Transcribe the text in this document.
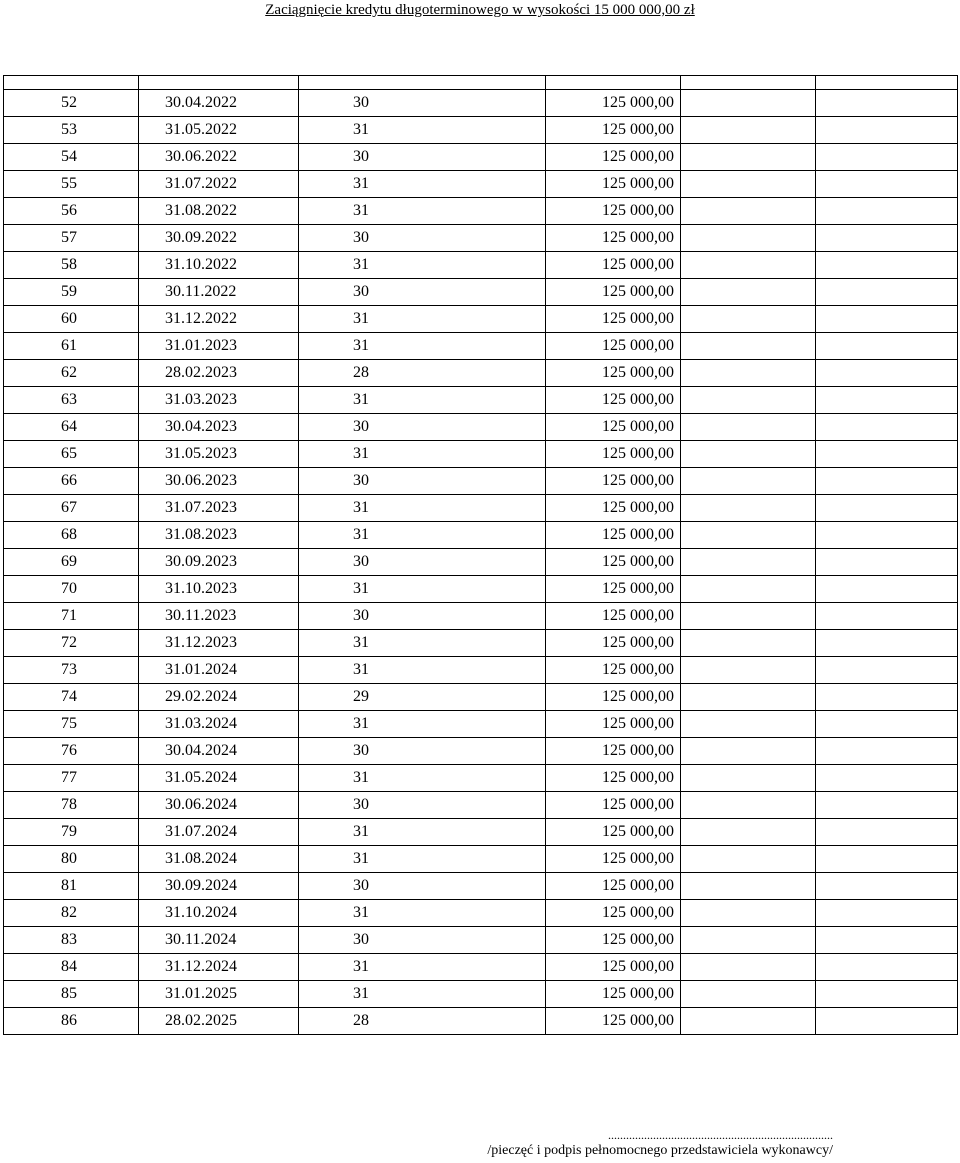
Zaciągnięcie kredytu długoterminowego w wysokości 15 000 000,00 zł

52	30.04.2022	30	125 000,00		
53	31.05.2022	31	125 000,00		
54	30.06.2022	30	125 000,00		
55	31.07.2022	31	125 000,00		
56	31.08.2022	31	125 000,00		
57	30.09.2022	30	125 000,00		
58	31.10.2022	31	125 000,00		
59	30.11.2022	30	125 000,00		
60	31.12.2022	31	125 000,00		
61	31.01.2023	31	125 000,00		
62	28.02.2023	28	125 000,00		
63	31.03.2023	31	125 000,00		
64	30.04.2023	30	125 000,00		
65	31.05.2023	31	125 000,00		
66	30.06.2023	30	125 000,00		
67	31.07.2023	31	125 000,00		
68	31.08.2023	31	125 000,00		
69	30.09.2023	30	125 000,00		
70	31.10.2023	31	125 000,00		
71	30.11.2023	30	125 000,00		
72	31.12.2023	31	125 000,00		
73	31.01.2024	31	125 000,00		
74	29.02.2024	29	125 000,00		
75	31.03.2024	31	125 000,00		
76	30.04.2024	30	125 000,00		
77	31.05.2024	31	125 000,00		
78	30.06.2024	30	125 000,00		
79	31.07.2024	31	125 000,00		
80	31.08.2024	31	125 000,00		
81	30.09.2024	30	125 000,00		
82	31.10.2024	31	125 000,00		
83	30.11.2024	30	125 000,00		
84	31.12.2024	31	125 000,00		
85	31.01.2025	31	125 000,00		
86	28.02.2025	28	125 000,00		
...........................................................................
/pieczęć i podpis pełnomocnego przedstawiciela wykonawcy/
